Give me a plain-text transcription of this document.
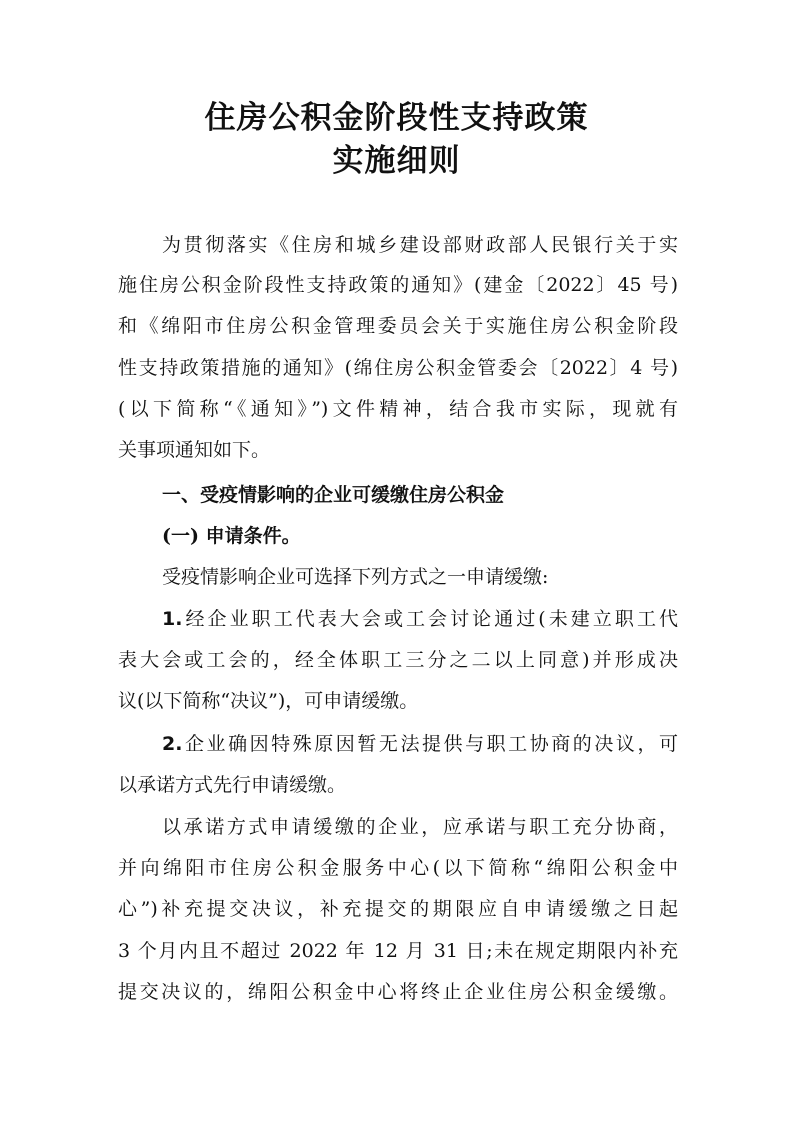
住房公积金阶段性支持政策
实施细则
为贯彻落实《住房和城乡建设部财政部人民银行关于实
施住房公积金阶段性支持政策的通知》(建金〔2022〕45 号)
和《绵阳市住房公积金管理委员会关于实施住房公积金阶段
性支持政策措施的通知》(绵住房公积金管委会〔2022〕4 号)
(以下简称“《通知》”)文件精神，结合我市实际，现就有
关事项通知如下。
一、受疫情影响的企业可缓缴住房公积金
(一) 申请条件。
受疫情影响企业可选择下列方式之一申请缓缴:
1.经企业职工代表大会或工会讨论通过(未建立职工代
表大会或工会的，经全体职工三分之二以上同意)并形成决
议(以下简称“决议”)，可申请缓缴。
2.企业确因特殊原因暂无法提供与职工协商的决议，可
以承诺方式先行申请缓缴。
以承诺方式申请缓缴的企业，应承诺与职工充分协商，
并向绵阳市住房公积金服务中心(以下简称“绵阳公积金中
心”)补充提交决议，补充提交的期限应自申请缓缴之日起
3 个月内且不超过 2022 年 12 月 31 日;未在规定期限内补充
提交决议的，绵阳公积金中心将终止企业住房公积金缓缴。
